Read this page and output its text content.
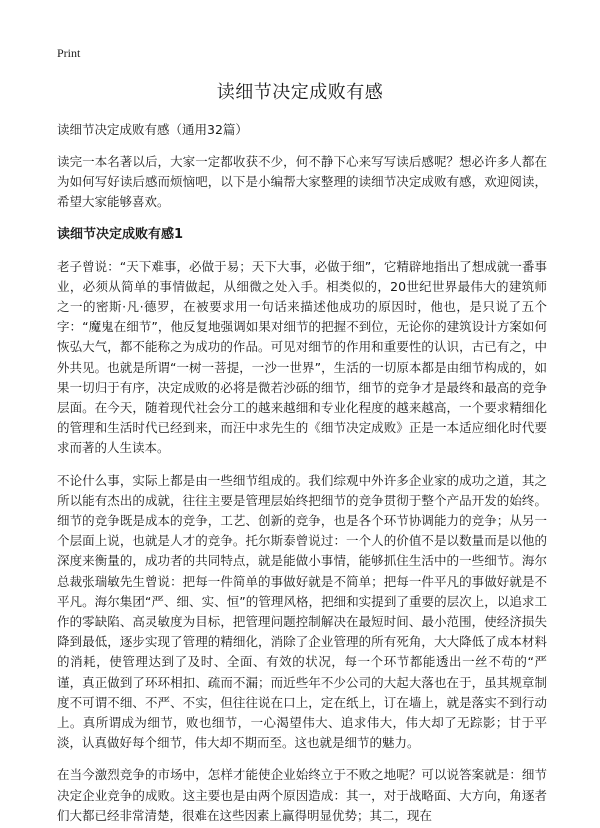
Print
读细节决定成败有感
读细节决定成败有感（通用32篇）

读完一本名著以后，大家一定都收获不少，何不静下心来写写读后感呢？想必许多人都在为如何写好读后感而烦恼吧，以下是小编帮大家整理的读细节决定成败有感，欢迎阅读，希望大家能够喜欢。

读细节决定成败有感1

老子曾说：“天下难事，必做于易；天下大事，必做于细”，它精辟地指出了想成就一番事业，必须从简单的事情做起，从细微之处入手。相类似的，20世纪世界最伟大的建筑师之一的密斯·凡·德罗，在被要求用一句话来描述他成功的原因时，他也，是只说了五个字：“魔鬼在细节”，他反复地强调如果对细节的把握不到位，无论你的建筑设计方案如何恢弘大气，都不能称之为成功的作品。可见对细节的作用和重要性的认识，古已有之，中外共见。也就是所谓“一树一菩提，一沙一世界”，生活的一切原本都是由细节构成的，如果一切归于有序，决定成败的必将是微若沙砾的细节，细节的竞争才是最终和最高的竞争层面。在今天，随着现代社会分工的越来越细和专业化程度的越来越高，一个要求精细化的管理和生活时代已经到来，而汪中求先生的《细节决定成败》正是一本适应细化时代要求而著的人生读本。

不论什么事，实际上都是由一些细节组成的。我们综观中外许多企业家的成功之道，其之所以能有杰出的成就，往往主要是管理层始终把细节的竞争贯彻于整个产品开发的始终。细节的竞争既是成本的竞争，工艺、创新的竞争，也是各个环节协调能力的竞争；从另一个层面上说，也就是人才的竞争。托尔斯泰曾说过：一个人的价值不是以数量而是以他的深度来衡量的，成功者的共同特点，就是能做小事情，能够抓住生活中的一些细节。海尔总裁张瑞敏先生曾说：把每一件简单的事做好就是不简单；把每一件平凡的事做好就是不平凡。海尔集团“严、细、实、恒”的管理风格，把细和实提到了重要的层次上，以追求工作的零缺陷、高灵敏度为目标，把管理问题控制解决在最短时间、最小范围，使经济损失降到最低，逐步实现了管理的精细化，消除了企业管理的所有死角，大大降低了成本材料的消耗，使管理达到了及时、全面、有效的状况，每一个环节都能透出一丝不苟的“严谨，真正做到了环环相扣、疏而不漏；而近些年不少公司的大起大落也在于，虽其规章制度不可谓不细、不严、不实，但往往说在口上，定在纸上，订在墙上，就是落实不到行动上。真所谓成为细节，败也细节，一心渴望伟大、追求伟大，伟大却了无踪影；甘于平淡，认真做好每个细节，伟大却不期而至。这也就是细节的魅力。

在当今激烈竞争的市场中，怎样才能使企业始终立于不败之地呢？可以说答案就是：细节决定企业竞争的成败。这主要也是由两个原因造成：其一，对于战略面、大方向，角逐者们大都已经非常清楚，很难在这些因素上赢得明显优势；其二，现在
